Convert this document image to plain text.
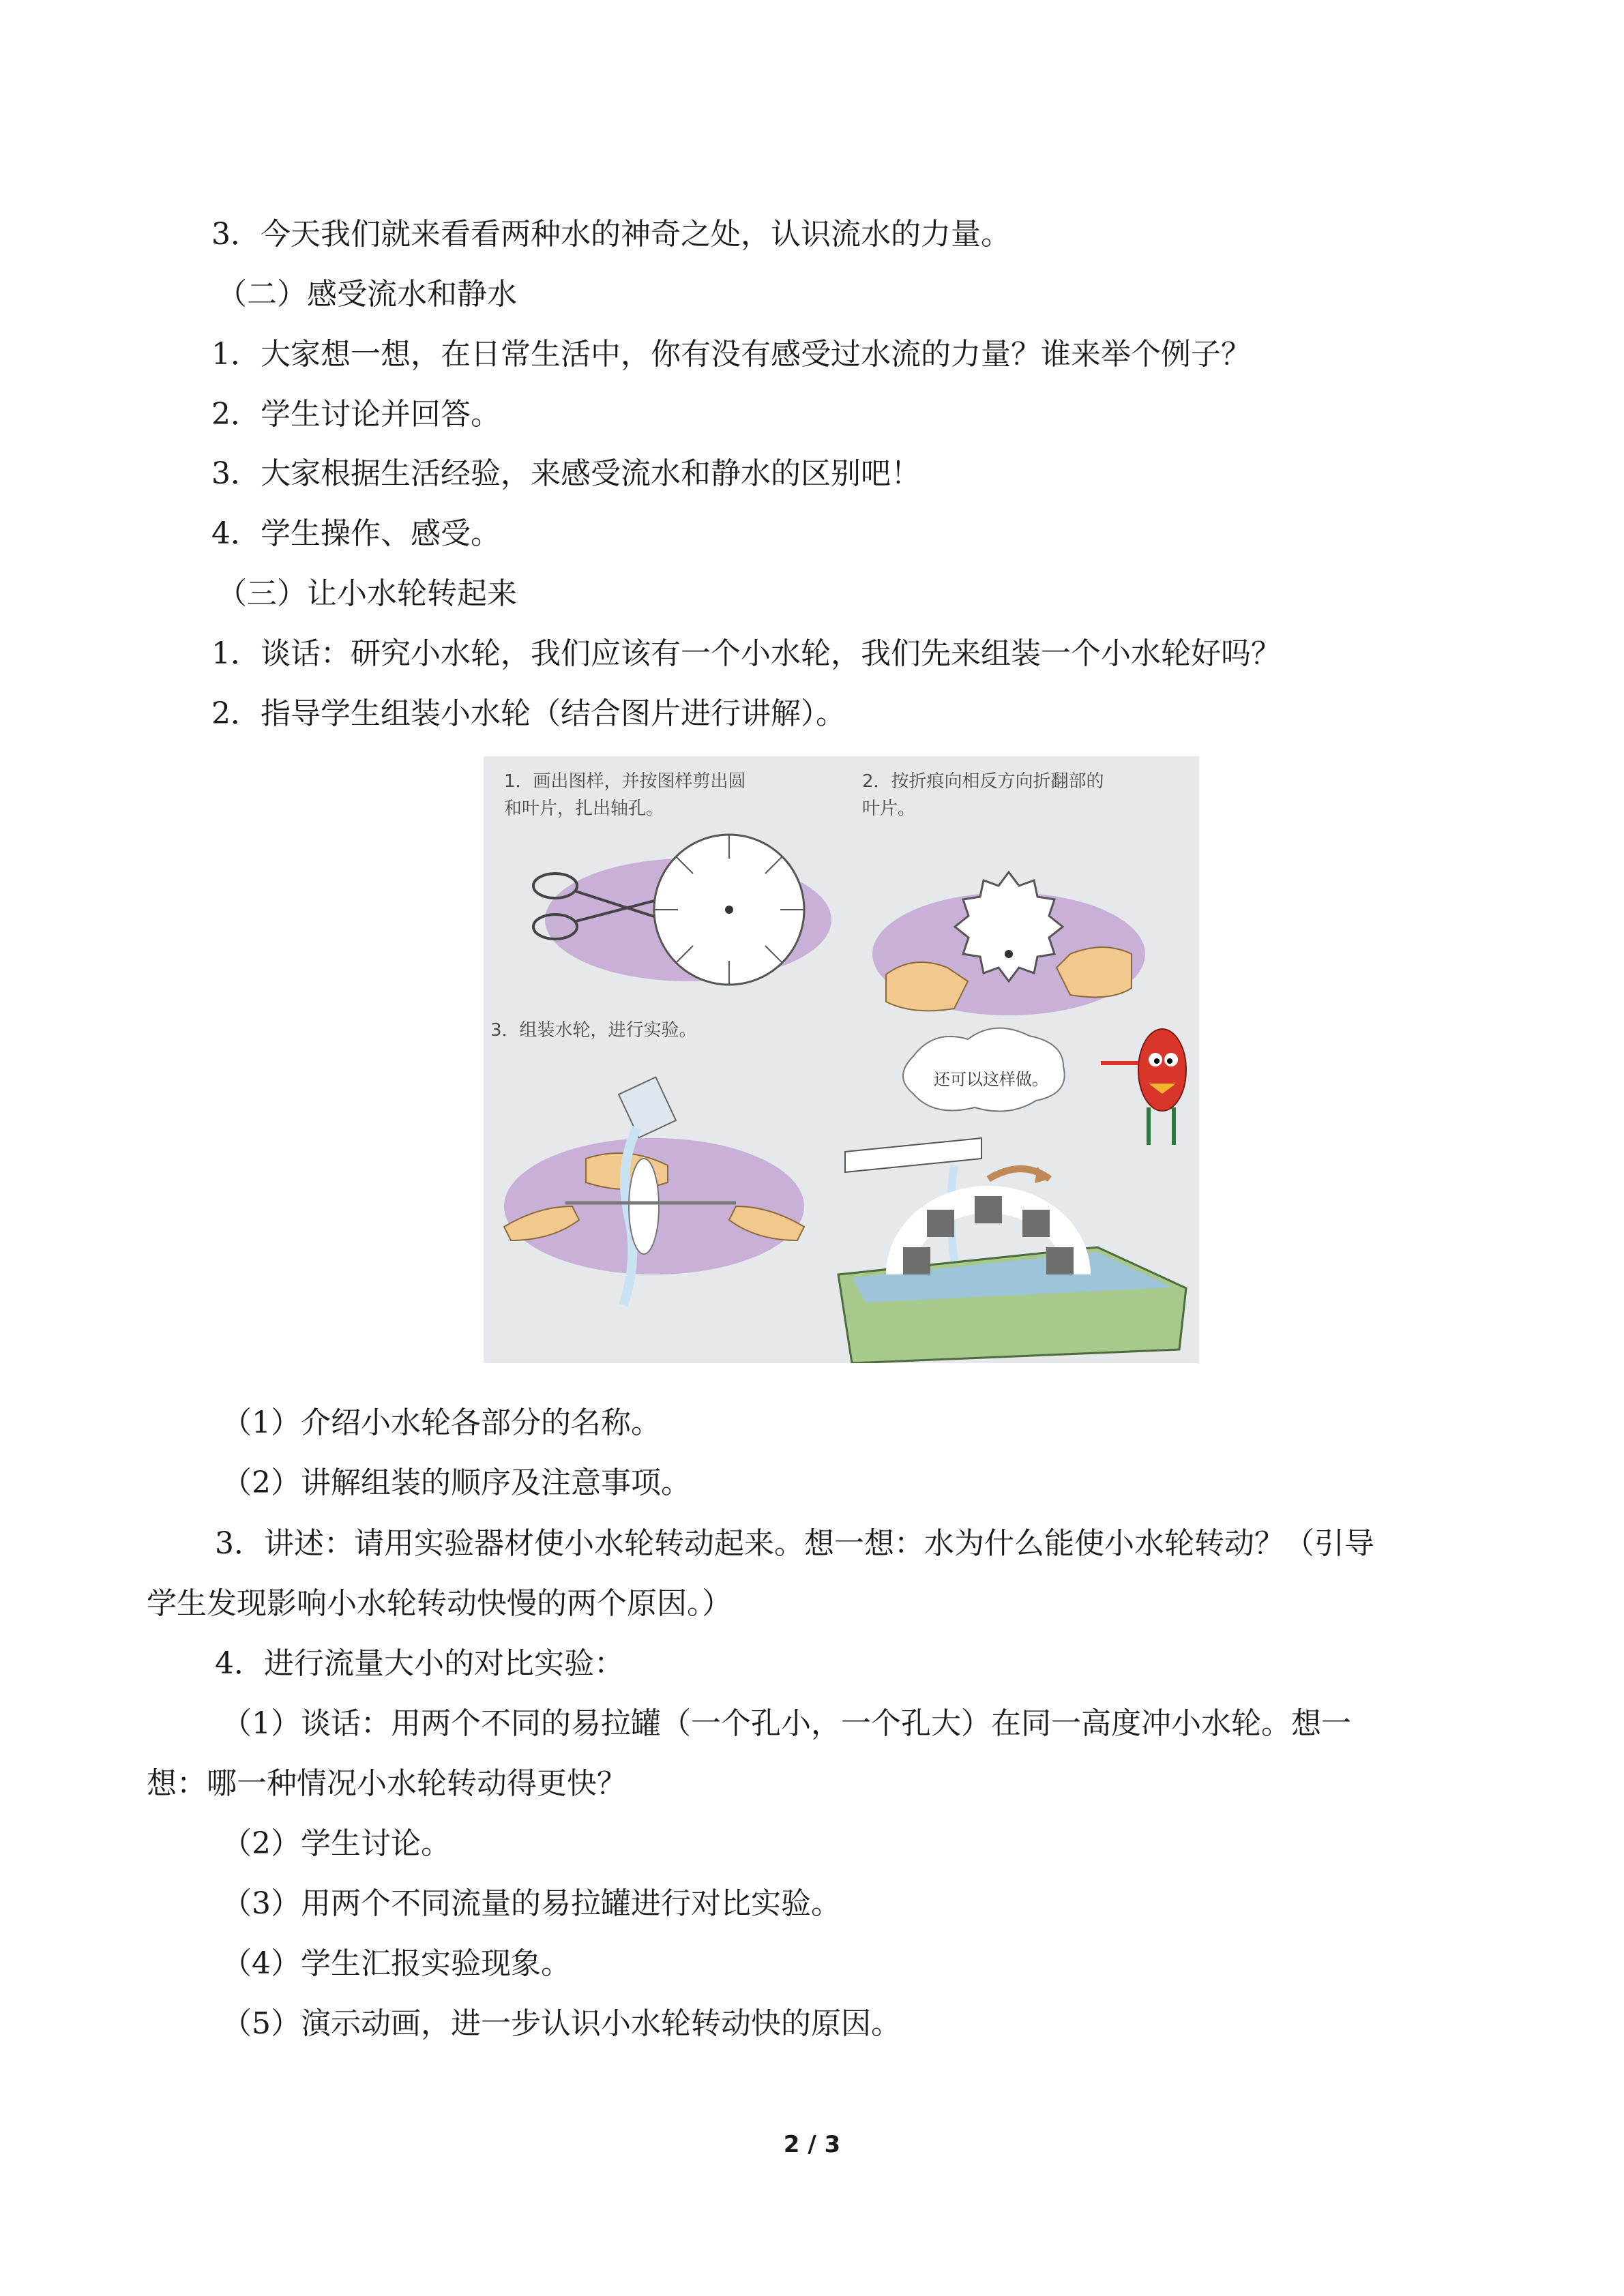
3．今天我们就来看看两种水的神奇之处，认识流水的力量。
（二）感受流水和静水
1．大家想一想，在日常生活中，你有没有感受过水流的力量？谁来举个例子？
2．学生讨论并回答。
3．大家根据生活经验，来感受流水和静水的区别吧！
4．学生操作、感受。
（三）让小水轮转起来
1．谈话：研究小水轮，我们应该有一个小水轮，我们先来组装一个小水轮好吗？
2．指导学生组装小水轮（结合图片进行讲解）。
1．画出图样，并按图样剪出圆
和叶片，扎出轴孔。
2．按折痕向相反方向折翻部的
叶片。
3．组装水轮，进行实验。
还可以这样做。
（1）介绍小水轮各部分的名称。
（2）讲解组装的顺序及注意事项。
3．讲述：请用实验器材使小水轮转动起来。想一想：水为什么能使小水轮转动？（引导
学生发现影响小水轮转动快慢的两个原因。）
4．进行流量大小的对比实验：
（1）谈话：用两个不同的易拉罐（一个孔小，一个孔大）在同一高度冲小水轮。想一
想：哪一种情况小水轮转动得更快？
（2）学生讨论。
（3）用两个不同流量的易拉罐进行对比实验。
（4）学生汇报实验现象。
（5）演示动画，进一步认识小水轮转动快的原因。
2 / 3
